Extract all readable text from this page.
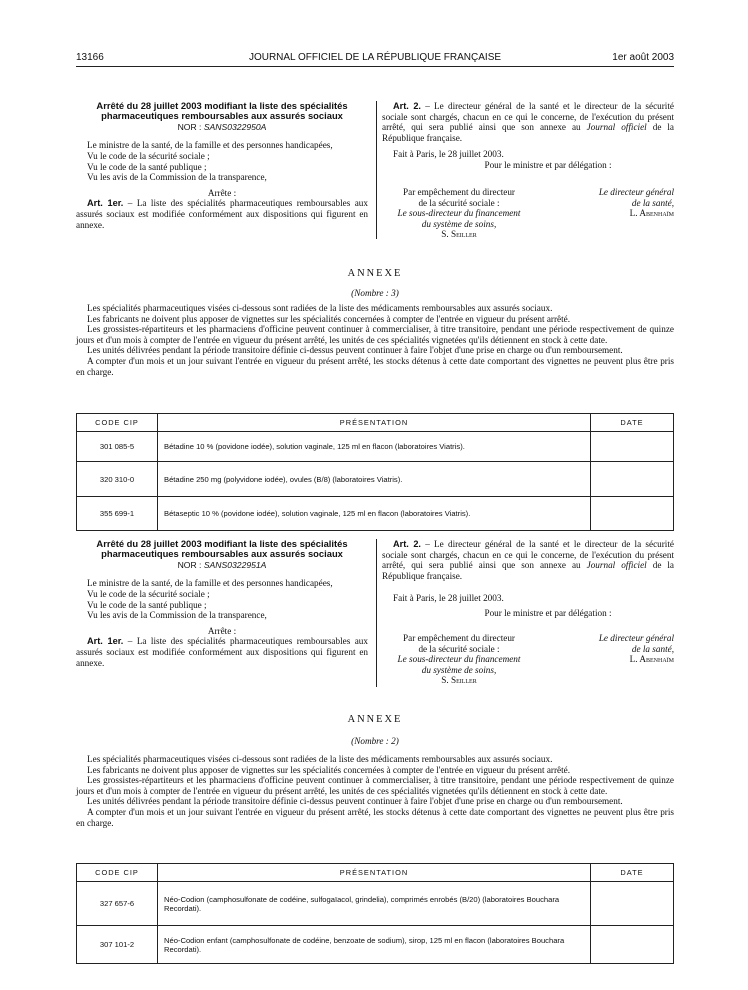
13166	JOURNAL OFFICIEL DE LA RÉPUBLIQUE FRANÇAISE	1er août 2003

Arrêté du 28 juillet 2003 modifiant la liste des spécialités

pharmaceutiques remboursables aux assurés sociaux

NOR : SANS0322950A

Le ministre de la santé, de la famille et des personnes handicapées,

Vu le code de la sécurité sociale ;

Vu le code de la santé publique ;

Vu les avis de la Commission de la transparence,

Arrête :

Art. 1er. – La liste des spécialités pharmaceutiques remboursables aux assurés sociaux est modifiée conformément aux dispositions qui figurent en annexe.

Art. 2. – Le directeur général de la santé et le directeur de la sécurité sociale sont chargés, chacun en ce qui le concerne, de l'exécution du présent arrêté, qui sera publié ainsi que son annexe au Journal officiel de la République française.

Fait à Paris, le 28 juillet 2003.

Pour le ministre et par délégation :

Par empêchement du directeur
de la sécurité sociale :
Le sous-directeur du financement
du système de soins,
S. Seiller
Le directeur général
de la santé,
L. Abenhaïm
ANNEXE
(Nombre : 3)

Les spécialités pharmaceutiques visées ci-dessous sont radiées de la liste des médicaments remboursables aux assurés sociaux.

Les fabricants ne doivent plus apposer de vignettes sur les spécialités concernées à compter de l'entrée en vigueur du présent arrêté.

Les grossistes-répartiteurs et les pharmaciens d'officine peuvent continuer à commercialiser, à titre transitoire, pendant une période respectivement de quinze jours et d'un mois à compter de l'entrée en vigueur du présent arrêté, les unités de ces spécialités vignetées qu'ils détiennent en stock à cette date.

Les unités délivrées pendant la période transitoire définie ci-dessus peuvent continuer à faire l'objet d'une prise en charge ou d'un remboursement.

A compter d'un mois et un jour suivant l'entrée en vigueur du présent arrêté, les stocks détenus à cette date comportant des vignettes ne peuvent plus être pris en charge.

CODE CIP	PRÉSENTATION	DATE
301 085-5	Bétadine 10 % (povidone iodée), solution vaginale, 125 ml en flacon (laboratoires Viatris).	
320 310-0	Bétadine 250 mg (polyvidone iodée), ovules (B/8) (laboratoires Viatris).	
355 699-1	Bétaseptic 10 % (povidone iodée), solution vaginale, 125 ml en flacon (laboratoires Viatris).	

Arrêté du 28 juillet 2003 modifiant la liste des spécialités

pharmaceutiques remboursables aux assurés sociaux

NOR : SANS0322951A

Le ministre de la santé, de la famille et des personnes handicapées,

Vu le code de la sécurité sociale ;

Vu le code de la santé publique ;

Vu les avis de la Commission de la transparence,

Arrête :

Art. 1er. – La liste des spécialités pharmaceutiques remboursables aux assurés sociaux est modifiée conformément aux dispositions qui figurent en annexe.

Art. 2. – Le directeur général de la santé et le directeur de la sécurité sociale sont chargés, chacun en ce qui le concerne, de l'exécution du présent arrêté, qui sera publié ainsi que son annexe au Journal officiel de la République française.

Fait à Paris, le 28 juillet 2003.

Pour le ministre et par délégation :

Par empêchement du directeur
de la sécurité sociale :
Le sous-directeur du financement
du système de soins,
S. Seiller
Le directeur général
de la santé,
L. Abenhaïm
ANNEXE
(Nombre : 2)

Les spécialités pharmaceutiques visées ci-dessous sont radiées de la liste des médicaments remboursables aux assurés sociaux.

Les fabricants ne doivent plus apposer de vignettes sur les spécialités concernées à compter de l'entrée en vigueur du présent arrêté.

Les grossistes-répartiteurs et les pharmaciens d'officine peuvent continuer à commercialiser, à titre transitoire, pendant une période respectivement de quinze jours et d'un mois à compter de l'entrée en vigueur du présent arrêté, les unités de ces spécialités vignetées qu'ils détiennent en stock à cette date.

Les unités délivrées pendant la période transitoire définie ci-dessus peuvent continuer à faire l'objet d'une prise en charge ou d'un remboursement.

A compter d'un mois et un jour suivant l'entrée en vigueur du présent arrêté, les stocks détenus à cette date comportant des vignettes ne peuvent plus être pris en charge.

CODE CIP	PRÉSENTATION	DATE
327 657-6	Néo-Codion (camphosulfonate de codéine, sulfogaïacol, grindelia), comprimés enrobés (B/20) (laboratoires Bouchara Recordati).	
307 101-2	Néo-Codion enfant (camphosulfonate de codéine, benzoate de sodium), sirop, 125 ml en flacon (laboratoires Bouchara Recordati).	
